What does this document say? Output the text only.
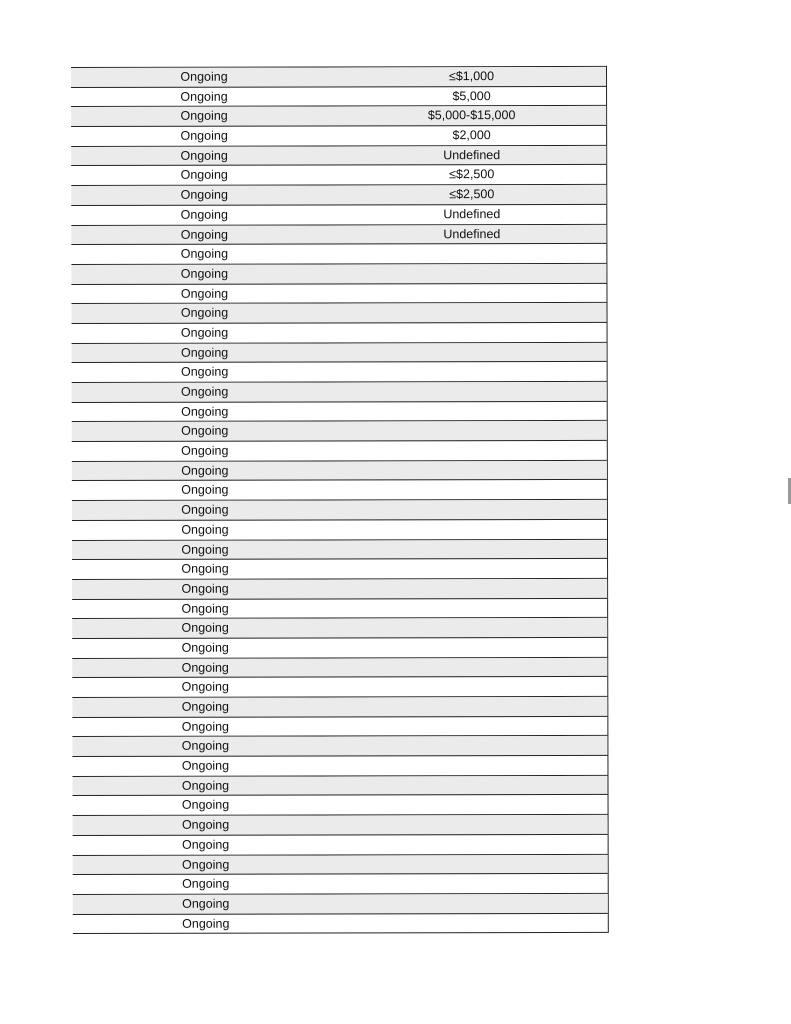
Ongoing	≤$1,000
Ongoing	$5,000
Ongoing	$5,000-$15,000
Ongoing	$2,000
Ongoing	Undefined
Ongoing	≤$2,500
Ongoing	≤$2,500
Ongoing	Undefined
Ongoing	Undefined
Ongoing
Ongoing
Ongoing
Ongoing
Ongoing
Ongoing
Ongoing
Ongoing
Ongoing
Ongoing
Ongoing
Ongoing
Ongoing
Ongoing
Ongoing
Ongoing
Ongoing
Ongoing
Ongoing
Ongoing
Ongoing
Ongoing
Ongoing
Ongoing
Ongoing
Ongoing
Ongoing
Ongoing
Ongoing
Ongoing
Ongoing
Ongoing
Ongoing
Ongoing
Ongoing
